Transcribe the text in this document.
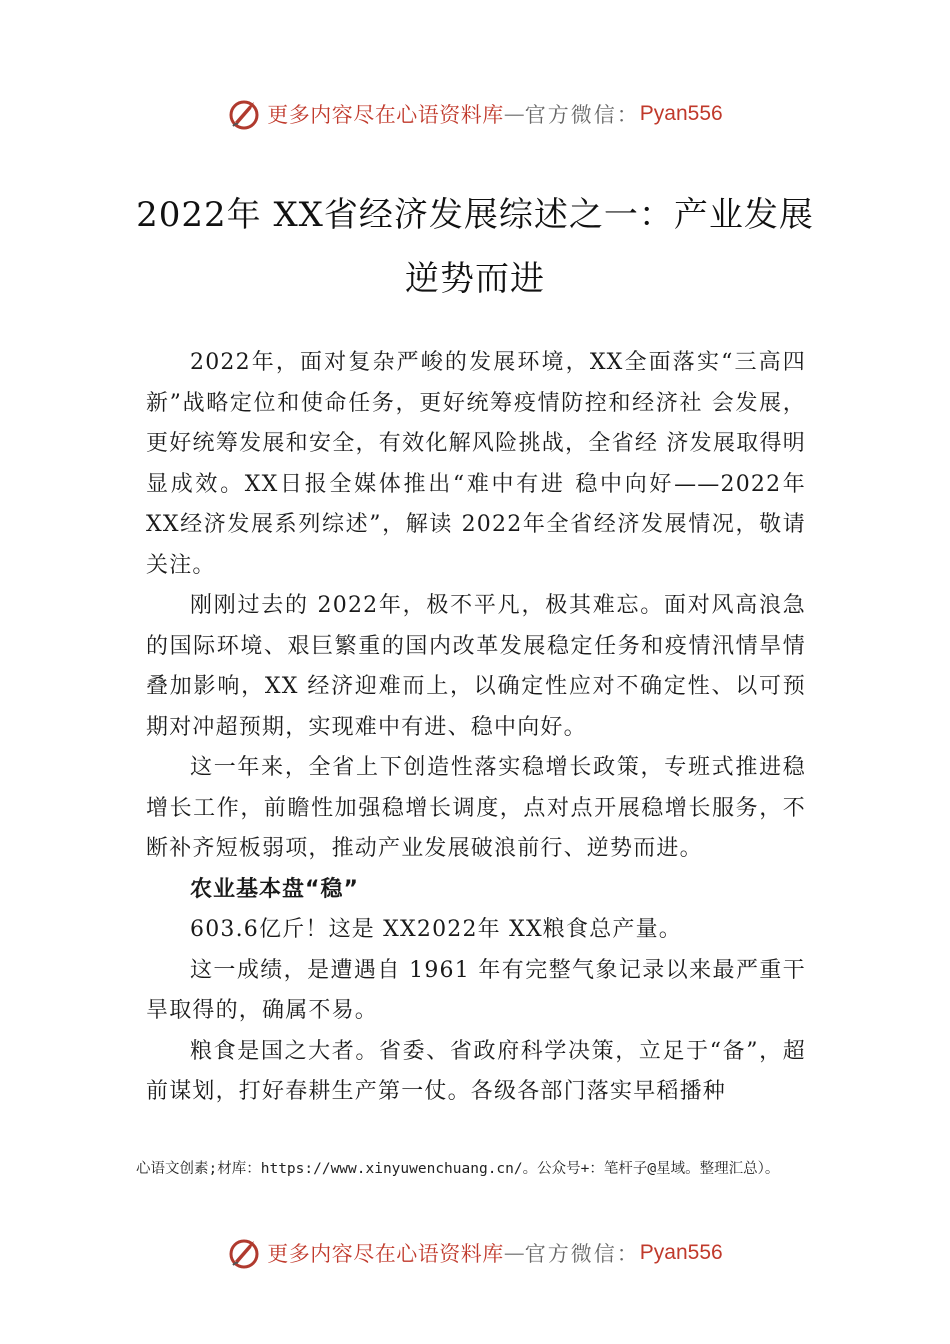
更多内容尽在心语资料库 — 官方微信： Pyan556
2022年 XX省经济发展综述之一：产业发展逆势而进

2022年，面对复杂严峻的发展环境，XX全面落实“三高四新”战略定位和使命任务，更好统筹疫情防控和经济社 会发展，更好统筹发展和安全，有效化解风险挑战，全省经 济发展取得明显成效。XX日报全媒体推出“难中有进 稳中向好——2022年 XX经济发展系列综述”，解读 2022年全省经济发展情况，敬请关注。

刚刚过去的 2022年，极不平凡，极其难忘。面对风高浪急的国际环境、艰巨繁重的国内改革发展稳定任务和疫情汛情旱情叠加影响，XX 经济迎难而上，以确定性应对不确定性、以可预期对冲超预期，实现难中有进、稳中向好。

这一年来，全省上下创造性落实稳增长政策，专班式推进稳增长工作，前瞻性加强稳增长调度，点对点开展稳增长服务，不断补齐短板弱项，推动产业发展破浪前行、逆势而进。

农业基本盘“稳”

603.6亿斤！这是 XX2022年 XX粮食总产量。

这一成绩，是遭遇自 1961 年有完整气象记录以来最严重干旱取得的，确属不易。

粮食是国之大者。省委、省政府科学决策，立足于“备”，超前谋划，打好春耕生产第一仗。各级各部门落实早稻播种

心语文创素;材库：https://www.xinyuwenchuang.cn/。公众号+：笔杆子@星域。整理汇总）。
更多内容尽在心语资料库 — 官方微信： Pyan556
